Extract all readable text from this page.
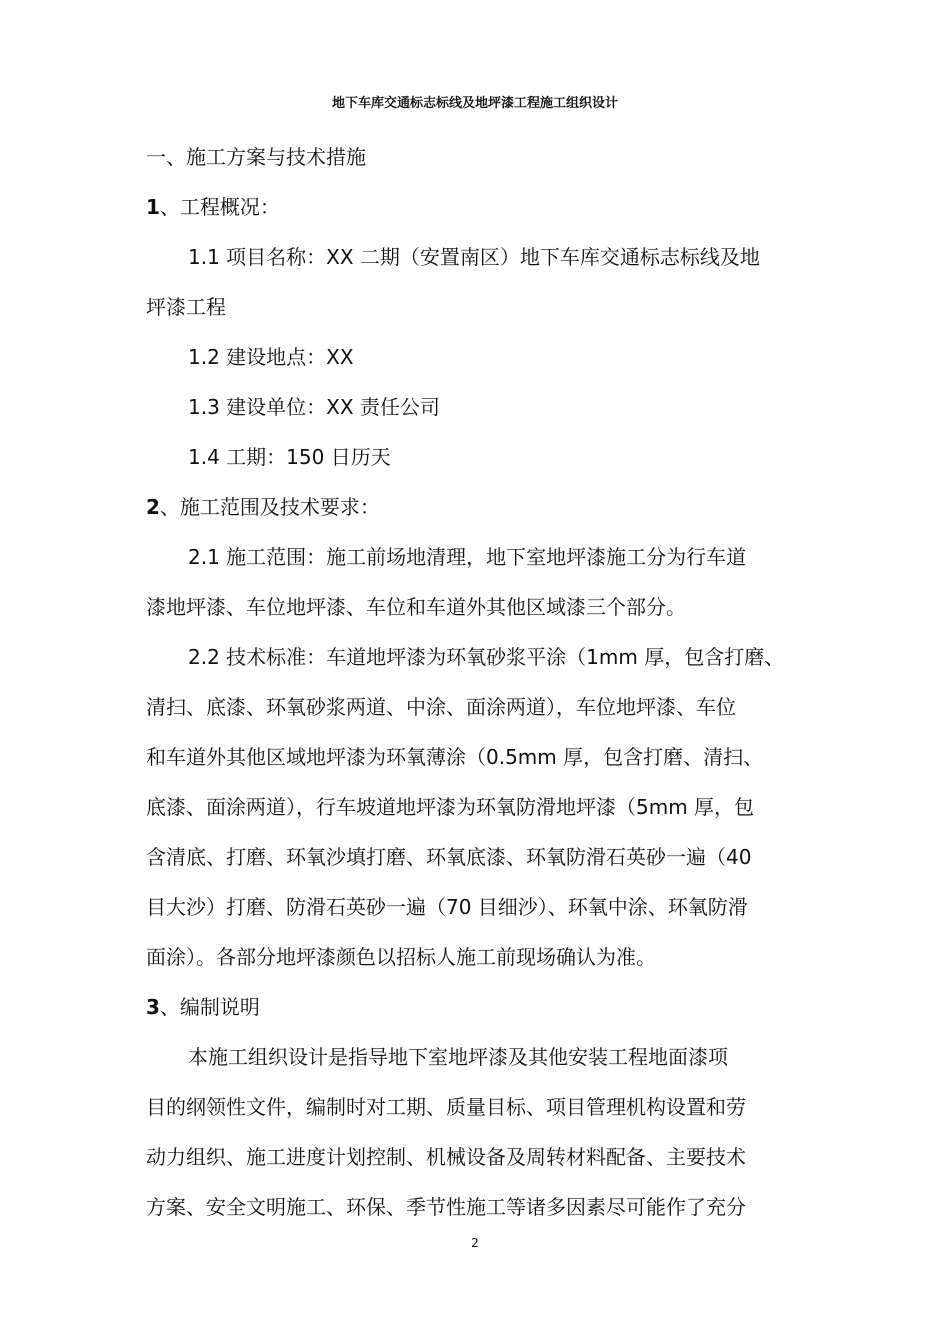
地下车库交通标志标线及地坪漆工程施工组织设计
一、施工方案与技术措施
1、工程概况：
1.1 项目名称：XX 二期（安置南区）地下车库交通标志标线及地
坪漆工程
1.2 建设地点：XX
1.3 建设单位：XX 责任公司
1.4 工期：150 日历天
2、施工范围及技术要求：
2.1 施工范围：施工前场地清理，地下室地坪漆施工分为行车道
漆地坪漆、车位地坪漆、车位和车道外其他区域漆三个部分。
2.2 技术标准：车道地坪漆为环氧砂浆平涂（1mm 厚，包含打磨、
清扫、底漆、环氧砂浆两道、中涂、面涂两道），车位地坪漆、车位
和车道外其他区域地坪漆为环氧薄涂（0.5mm 厚，包含打磨、清扫、
底漆、面涂两道），行车坡道地坪漆为环氧防滑地坪漆（5mm 厚，包
含清底、打磨、环氧沙填打磨、环氧底漆、环氧防滑石英砂一遍（40
目大沙）打磨、防滑石英砂一遍（70 目细沙）、环氧中涂、环氧防滑
面涂）。各部分地坪漆颜色以招标人施工前现场确认为准。
3、编制说明
本施工组织设计是指导地下室地坪漆及其他安装工程地面漆项
目的纲领性文件，编制时对工期、质量目标、项目管理机构设置和劳
动力组织、施工进度计划控制、机械设备及周转材料配备、主要技术
方案、安全文明施工、环保、季节性施工等诸多因素尽可能作了充分
2
